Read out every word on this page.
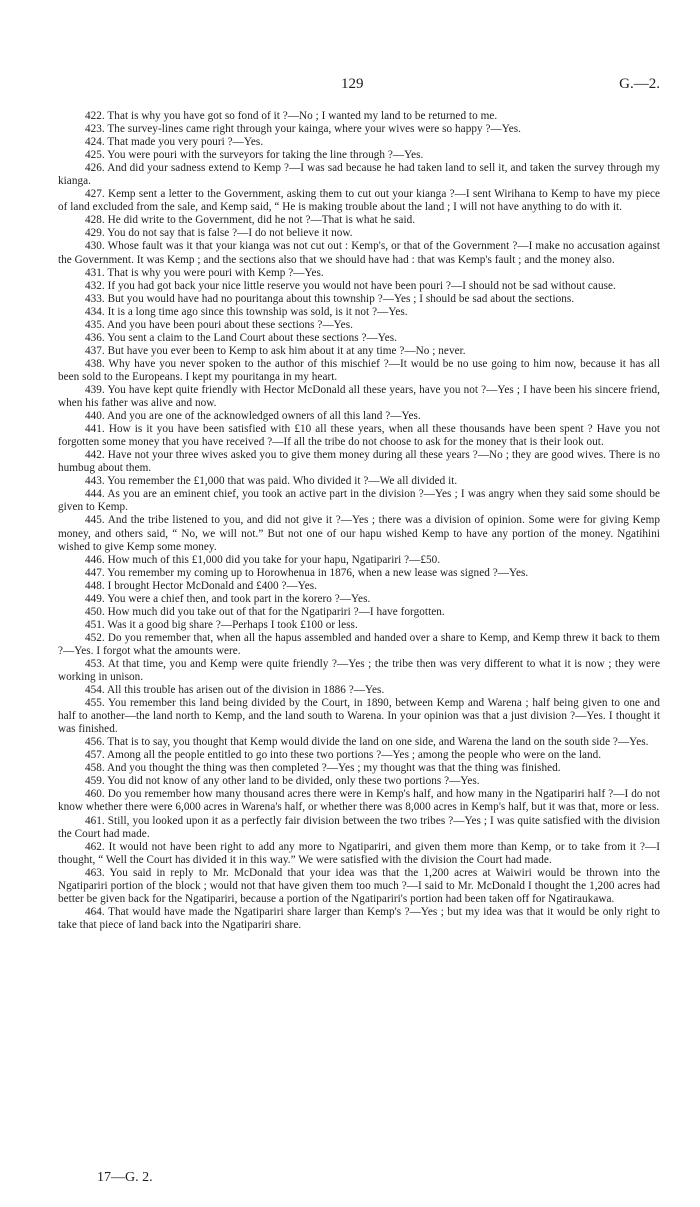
129	G.—2.

422. That is why you have got so fond of it ?—No ; I wanted my land to be returned to me.

423. The survey-lines came right through your kainga, where your wives were so happy ?—Yes.

424. That made you very pouri ?—Yes.

425. You were pouri with the surveyors for taking the line through ?—Yes.

426. And did your sadness extend to Kemp ?—I was sad because he had taken land to sell it, and taken the survey through my kianga.

427. Kemp sent a letter to the Government, asking them to cut out your kianga ?—I sent Wirihana to Kemp to have my piece of land excluded from the sale, and Kemp said, “ He is making trouble about the land ; I will not have anything to do with it.

428. He did write to the Government, did he not ?—That is what he said.

429. You do not say that is false ?—I do not believe it now.

430. Whose fault was it that your kianga was not cut out : Kemp's, or that of the Government ?—I make no accusation against the Government. It was Kemp ; and the sections also that we should have had : that was Kemp's fault ; and the money also.

431. That is why you were pouri with Kemp ?—Yes.

432. If you had got back your nice little reserve you would not have been pouri ?—I should not be sad without cause.

433. But you would have had no pouritanga about this township ?—Yes ; I should be sad about the sections.

434. It is a long time ago since this township was sold, is it not ?—Yes.

435. And you have been pouri about these sections ?—Yes.

436. You sent a claim to the Land Court about these sections ?—Yes.

437. But have you ever been to Kemp to ask him about it at any time ?—No ; never.

438. Why have you never spoken to the author of this mischief ?—It would be no use going to him now, because it has all been sold to the Europeans. I kept my pouritanga in my heart.

439. You have kept quite friendly with Hector McDonald all these years, have you not ?—Yes ; I have been his sincere friend, when his father was alive and now.

440. And you are one of the acknowledged owners of all this land ?—Yes.

441. How is it you have been satisfied with £10 all these years, when all these thousands have been spent ? Have you not forgotten some money that you have received ?—If all the tribe do not choose to ask for the money that is their look out.

442. Have not your three wives asked you to give them money during all these years ?—No ; they are good wives. There is no humbug about them.

443. You remember the £1,000 that was paid. Who divided it ?—We all divided it.

444. As you are an eminent chief, you took an active part in the division ?—Yes ; I was angry when they said some should be given to Kemp.

445. And the tribe listened to you, and did not give it ?—Yes ; there was a division of opinion. Some were for giving Kemp money, and others said, “ No, we will not.” But not one of our hapu wished Kemp to have any portion of the money. Ngatihini wished to give Kemp some money.

446. How much of this £1,000 did you take for your hapu, Ngatipariri ?—£50.

447. You remember my coming up to Horowhenua in 1876, when a new lease was signed ?—Yes.

448. I brought Hector McDonald and £400 ?—Yes.

449. You were a chief then, and took part in the korero ?—Yes.

450. How much did you take out of that for the Ngatipariri ?—I have forgotten.

451. Was it a good big share ?—Perhaps I took £100 or less.

452. Do you remember that, when all the hapus assembled and handed over a share to Kemp, and Kemp threw it back to them ?—Yes. I forgot what the amounts were.

453. At that time, you and Kemp were quite friendly ?—Yes ; the tribe then was very different to what it is now ; they were working in unison.

454. All this trouble has arisen out of the division in 1886 ?—Yes.

455. You remember this land being divided by the Court, in 1890, between Kemp and Warena ; half being given to one and half to another—the land north to Kemp, and the land south to Warena. In your opinion was that a just division ?—Yes. I thought it was finished.

456. That is to say, you thought that Kemp would divide the land on one side, and Warena the land on the south side ?—Yes.

457. Among all the people entitled to go into these two portions ?—Yes ; among the people who were on the land.

458. And you thought the thing was then completed ?—Yes ; my thought was that the thing was finished.

459. You did not know of any other land to be divided, only these two portions ?—Yes.

460. Do you remember how many thousand acres there were in Kemp's half, and how many in the Ngatipariri half ?—I do not know whether there were 6,000 acres in Warena's half, or whether there was 8,000 acres in Kemp's half, but it was that, more or less.

461. Still, you looked upon it as a perfectly fair division between the two tribes ?—Yes ; I was quite satisfied with the division the Court had made.

462. It would not have been right to add any more to Ngatipariri, and given them more than Kemp, or to take from it ?—I thought, “ Well the Court has divided it in this way.” We were satisfied with the division the Court had made.

463. You said in reply to Mr. McDonald that your idea was that the 1,200 acres at Waiwiri would be thrown into the Ngatipariri portion of the block ; would not that have given them too much ?—I said to Mr. McDonald I thought the 1,200 acres had better be given back for the Ngatipariri, because a portion of the Ngatipariri's portion had been taken off for Ngatiraukawa.

464. That would have made the Ngatipariri share larger than Kemp's ?—Yes ; but my idea was that it would be only right to take that piece of land back into the Ngatipariri share.

17—G. 2.
